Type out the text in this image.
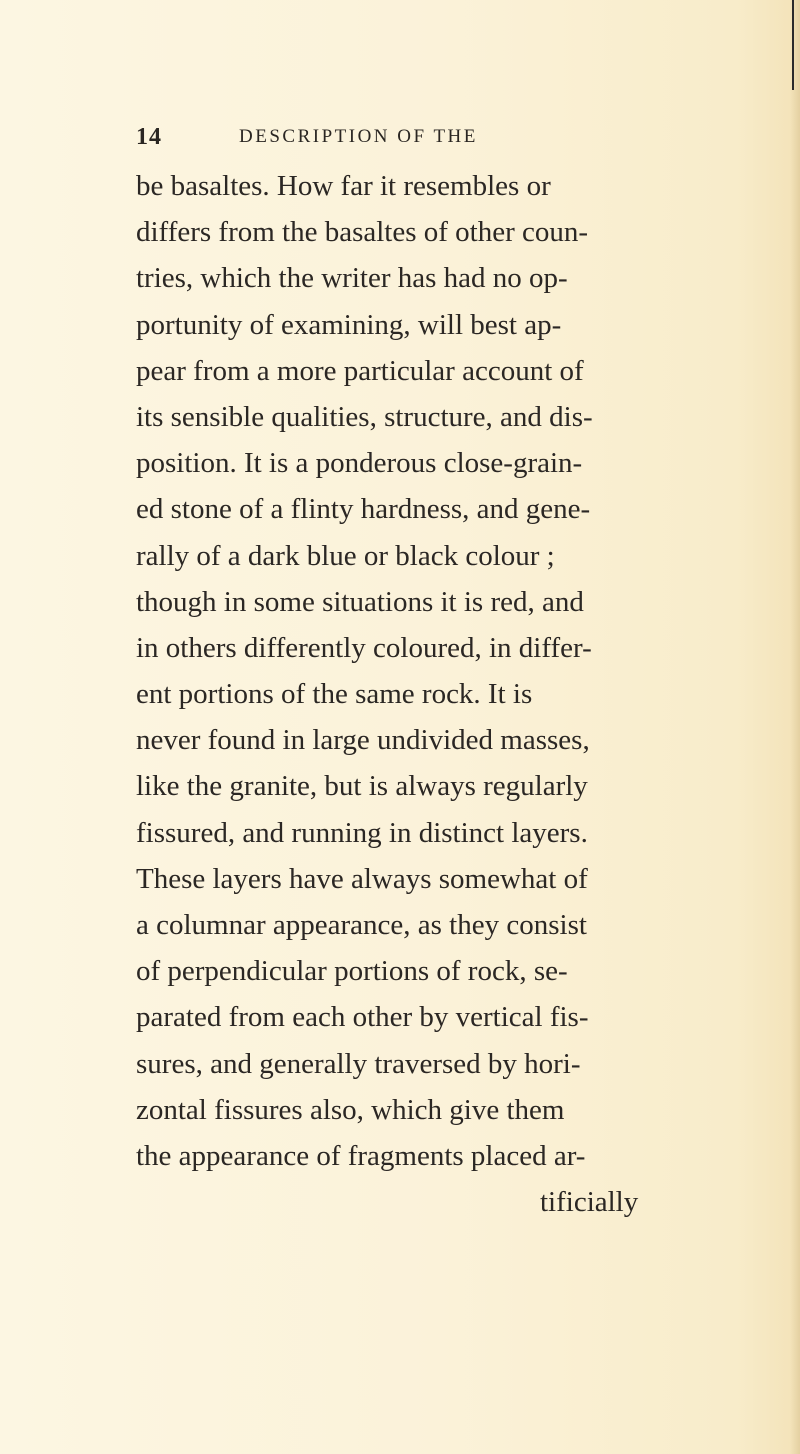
14	DESCRIPTION OF THE
be basaltes. How far it resembles or
differs from the basaltes of other coun-
tries, which the writer has had no op-
portunity of examining, will best ap-
pear from a more particular account of
its sensible qualities, structure, and dis-
position. It is a ponderous close-grain-
ed stone of a flinty hardness, and gene-
rally of a dark blue or black colour ;
though in some situations it is red, and
in others differently coloured, in differ-
ent portions of the same rock. It is
never found in large undivided masses,
like the granite, but is always regularly
fissured, and running in distinct layers.
These layers have always somewhat of
a columnar appearance, as they consist
of perpendicular portions of rock, se-
parated from each other by vertical fis-
sures, and generally traversed by hori-
zontal fissures also, which give them
the appearance of fragments placed ar-
tificially
